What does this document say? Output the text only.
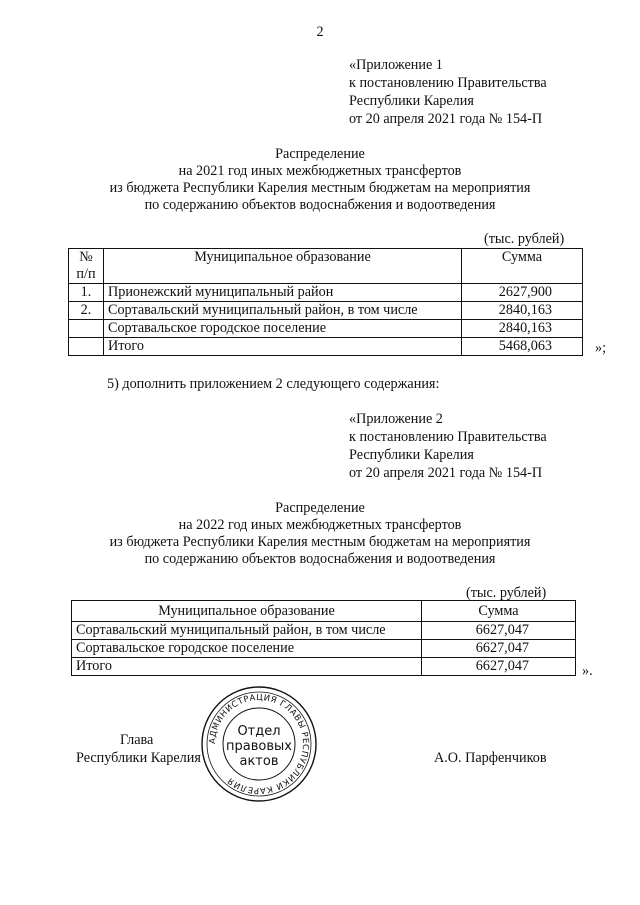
2
«Приложение 1
к постановлению Правительства
Республики Карелия
от 20 апреля 2021 года № 154-П
Распределение
на 2021 год иных межбюджетных трансфертов
из бюджета Республики Карелия местным бюджетам на мероприятия
по содержанию объектов водоснабжения и водоотведения
(тыс. рублей)
№ п/п	Муниципальное образование	Сумма
1.	Прионежский муниципальный район	2627,900
2.	Сортавальский муниципальный район, в том числе	2840,163
	Сортавальское городское поселение	2840,163
	Итого	5468,063	»;
5) дополнить приложением 2 следующего содержания:
«Приложение 2
к постановлению Правительства
Республики Карелия
от 20 апреля 2021 года № 154-П
Распределение
на 2022 год иных межбюджетных трансфертов
из бюджета Республики Карелия местным бюджетам на мероприятия
по содержанию объектов водоснабжения и водоотведения
(тыс. рублей)
Муниципальное образование	Сумма
Сортавальский муниципальный район, в том числе	6627,047
Сортавальское городское поселение	6627,047
Итого	6627,047	».
АДМИНИСТРАЦИЯ ГЛАВЫ РЕСПУБЛИКИ КАРЕЛИЯ
Отдел
правовых
актов
Глава
Республики Карелия	А.О. Парфенчиков
